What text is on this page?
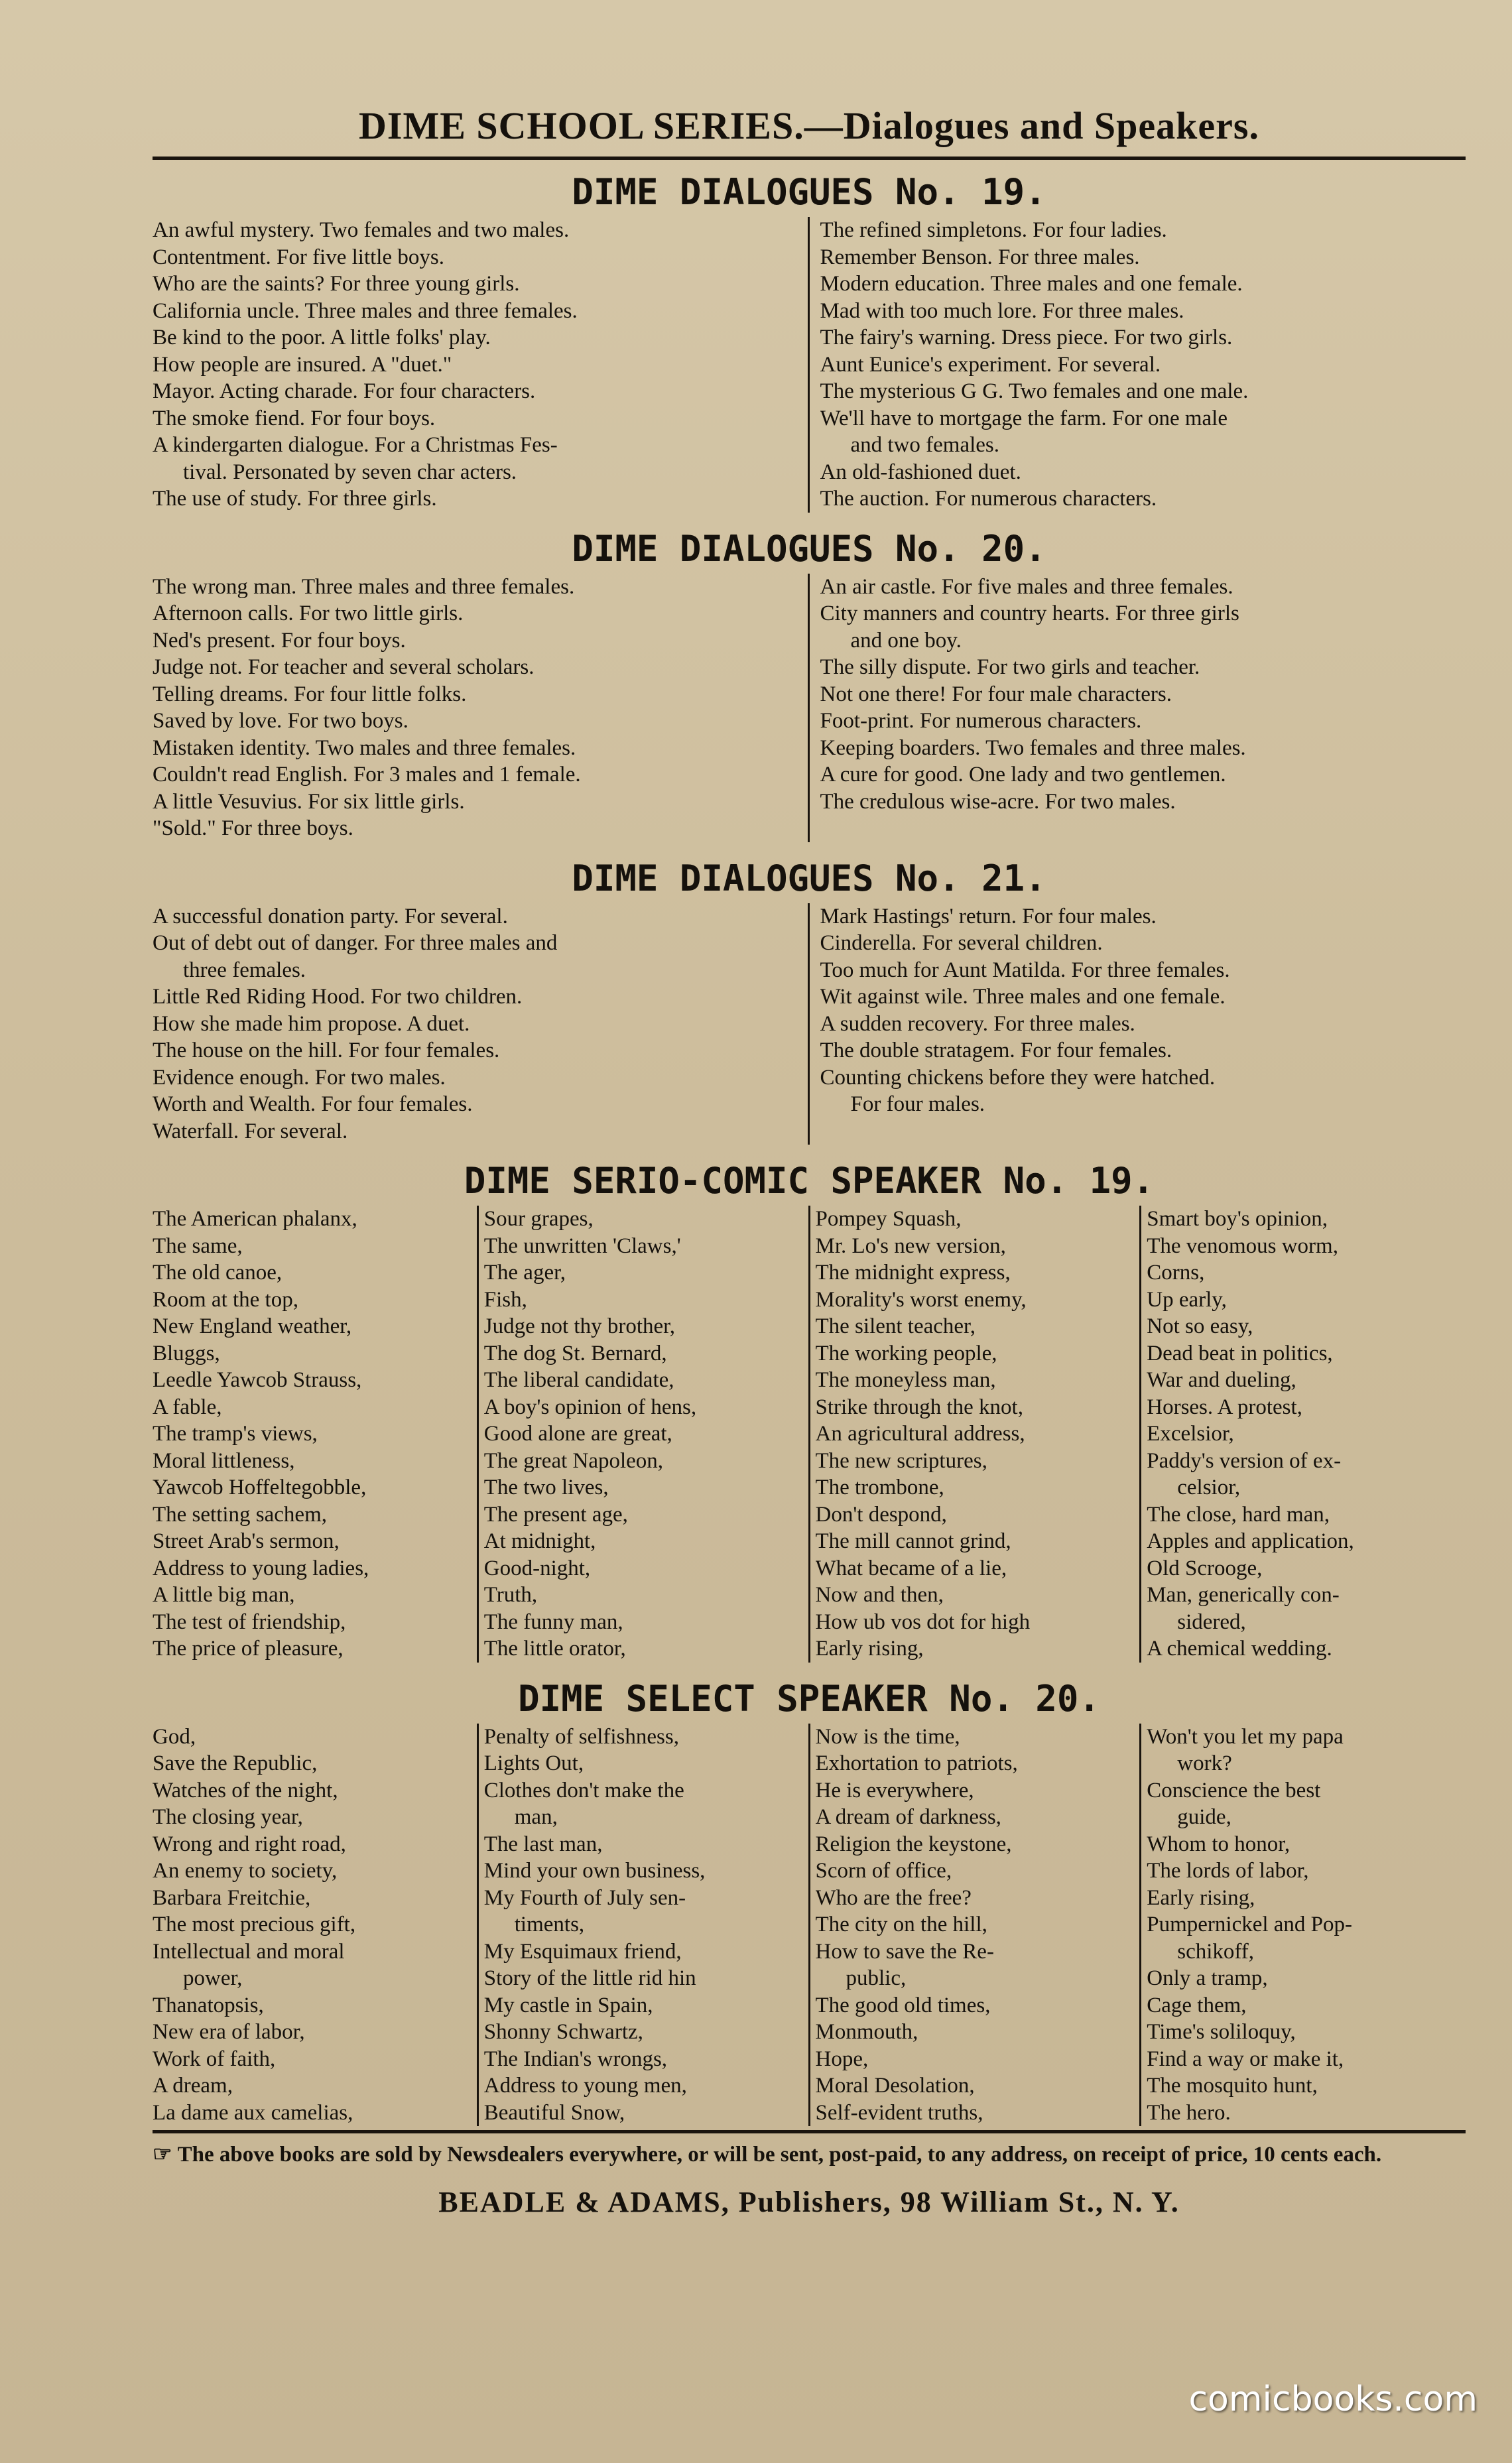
DIME SCHOOL SERIES.—Dialogues and Speakers.
DIME DIALOGUES No. 19.
An awful mystery. Two females and two males.
Contentment. For five little boys.
Who are the saints? For three young girls.
California uncle. Three males and three females.
Be kind to the poor. A little folks' play.
How people are insured. A "duet."
Mayor. Acting charade. For four characters.
The smoke fiend. For four boys.
A kindergarten dialogue. For a Christmas Fes-
tival. Personated by seven char acters.
The use of study. For three girls.
The refined simpletons. For four ladies.
Remember Benson. For three males.
Modern education. Three males and one female.
Mad with too much lore. For three males.
The fairy's warning. Dress piece. For two girls.
Aunt Eunice's experiment. For several.
The mysterious G G. Two females and one male.
We'll have to mortgage the farm. For one male
and two females.
An old-fashioned duet.
The auction. For numerous characters.
DIME DIALOGUES No. 20.
The wrong man. Three males and three females.
Afternoon calls. For two little girls.
Ned's present. For four boys.
Judge not. For teacher and several scholars.
Telling dreams. For four little folks.
Saved by love. For two boys.
Mistaken identity. Two males and three females.
Couldn't read English. For 3 males and 1 female.
A little Vesuvius. For six little girls.
"Sold." For three boys.
An air castle. For five males and three females.
City manners and country hearts. For three girls
and one boy.
The silly dispute. For two girls and teacher.
Not one there! For four male characters.
Foot-print. For numerous characters.
Keeping boarders. Two females and three males.
A cure for good. One lady and two gentlemen.
The credulous wise-acre. For two males.
DIME DIALOGUES No. 21.
A successful donation party. For several.
Out of debt out of danger. For three males and
three females.
Little Red Riding Hood. For two children.
How she made him propose. A duet.
The house on the hill. For four females.
Evidence enough. For two males.
Worth and Wealth. For four females.
Waterfall. For several.
Mark Hastings' return. For four males.
Cinderella. For several children.
Too much for Aunt Matilda. For three females.
Wit against wile. Three males and one female.
A sudden recovery. For three males.
The double stratagem. For four females.
Counting chickens before they were hatched.
For four males.
DIME SERIO-COMIC SPEAKER No. 19.
The American phalanx,
The same,
The old canoe,
Room at the top,
New England weather,
Bluggs,
Leedle Yawcob Strauss,
A fable,
The tramp's views,
Moral littleness,
Yawcob Hoffeltegobble,
The setting sachem,
Street Arab's sermon,
Address to young ladies,
A little big man,
The test of friendship,
The price of pleasure,
Sour grapes,
The unwritten 'Claws,'
The ager,
Fish,
Judge not thy brother,
The dog St. Bernard,
The liberal candidate,
A boy's opinion of hens,
Good alone are great,
The great Napoleon,
The two lives,
The present age,
At midnight,
Good-night,
Truth,
The funny man,
The little orator,
Pompey Squash,
Mr. Lo's new version,
The midnight express,
Morality's worst enemy,
The silent teacher,
The working people,
The moneyless man,
Strike through the knot,
An agricultural address,
The new scriptures,
The trombone,
Don't despond,
The mill cannot grind,
What became of a lie,
Now and then,
How ub vos dot for high
Early rising,
Smart boy's opinion,
The venomous worm,
Corns,
Up early,
Not so easy,
Dead beat in politics,
War and dueling,
Horses. A protest,
Excelsior,
Paddy's version of ex-
celsior,
The close, hard man,
Apples and application,
Old Scrooge,
Man, generically con-
sidered,
A chemical wedding.
DIME SELECT SPEAKER No. 20.
God,
Save the Republic,
Watches of the night,
The closing year,
Wrong and right road,
An enemy to society,
Barbara Freitchie,
The most precious gift,
Intellectual and moral
power,
Thanatopsis,
New era of labor,
Work of faith,
A dream,
La dame aux camelias,
Penalty of selfishness,
Lights Out,
Clothes don't make the
man,
The last man,
Mind your own business,
My Fourth of July sen-
timents,
My Esquimaux friend,
Story of the little rid hin
My castle in Spain,
Shonny Schwartz,
The Indian's wrongs,
Address to young men,
Beautiful Snow,
Now is the time,
Exhortation to patriots,
He is everywhere,
A dream of darkness,
Religion the keystone,
Scorn of office,
Who are the free?
The city on the hill,
How to save the Re-
public,
The good old times,
Monmouth,
Hope,
Moral Desolation,
Self-evident truths,
Won't you let my papa
work?
Conscience the best
guide,
Whom to honor,
The lords of labor,
Early rising,
Pumpernickel and Pop-
schikoff,
Only a tramp,
Cage them,
Time's soliloquy,
Find a way or make it,
The mosquito hunt,
The hero.
☞ The above books are sold by Newsdealers everywhere, or will be sent, post-paid, to any address, on receipt of price, 10 cents each.
BEADLE & ADAMS, Publishers, 98 William St., N. Y.
comicbooks.com
